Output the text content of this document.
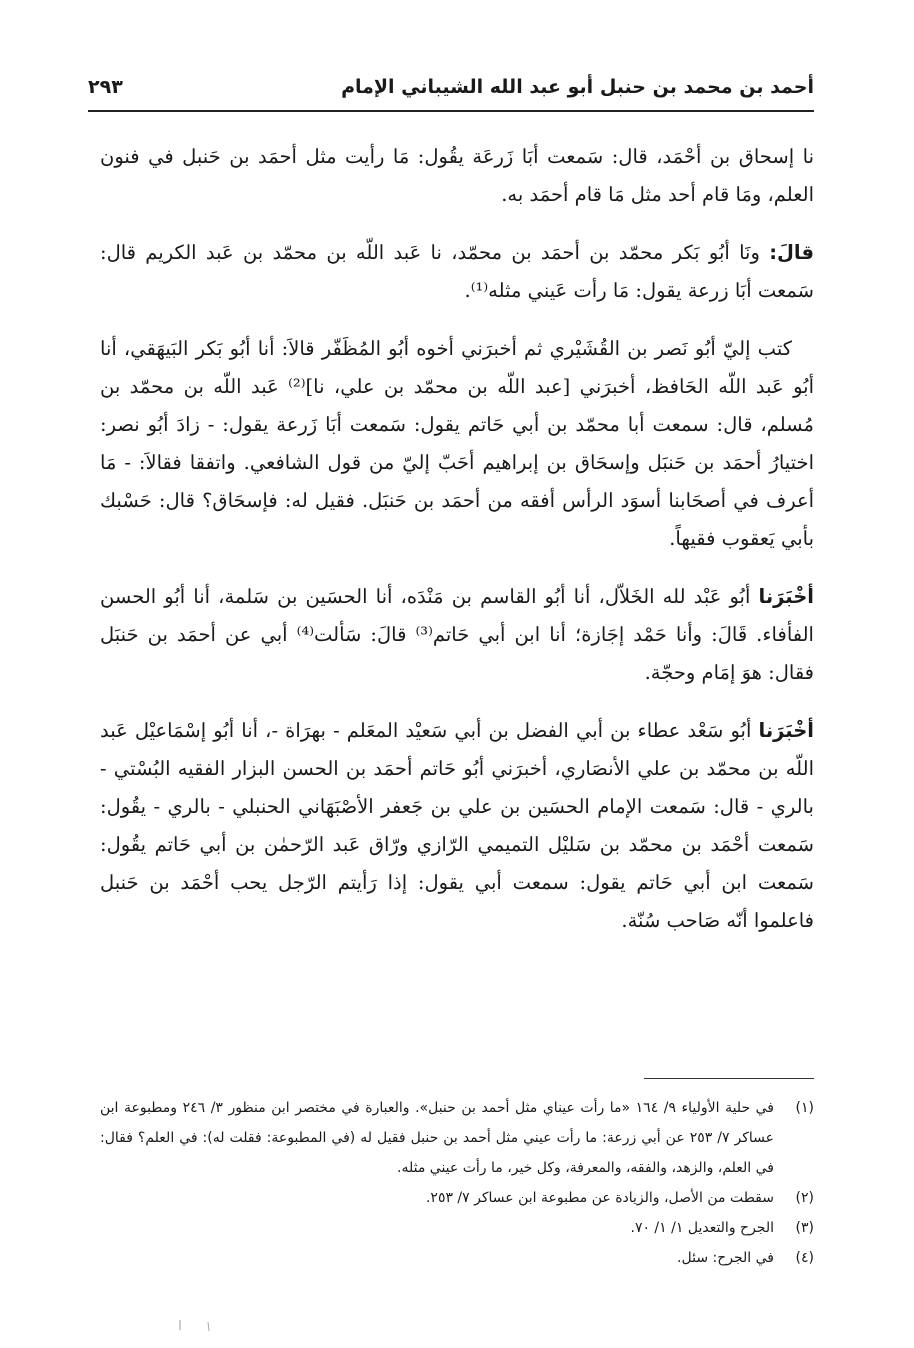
أحمد بن محمد بن حنبل أبو عبد الله الشيباني الإمام
٢٩٣

نا إسحاق بن أحْمَد، قال: سَمعت أبَا زَرعَة يقُول: مَا رأيت مثل أحمَد بن حَنبل في فنون العلم، ومَا قام أحد مثل مَا قام أحمَد به.

قالَ: ونَا أبُو بَكر محمّد بن أحمَد بن محمّد، نا عَبد اللّه بن محمّد بن عَبد الكريم قال: سَمعت أبَا زرعة يقول: مَا رأت عَيني مثله⁽¹⁾.

كتب إليّ أبُو نَصر بن القُشَيْري ثم أخبرَني أخوه أبُو المُظَفّر قالاَ: أنا أبُو بَكر البَيهَقي، أنا أبُو عَبد اللّه الحَافظ، أخبرَني [عبد اللّه بن محمّد بن علي، نا]⁽²⁾ عَبد اللّه بن محمّد بن مُسلم، قال: سمعت أبا محمّد بن أبي حَاتم يقول: سَمعت أبَا زَرعة يقول: - زادَ أبُو نصر: اختيارُ أحمَد بن حَنبَل وإسحَاق بن إبراهيم أحَبّ إليّ من قول الشافعي. واتفقا فقالاَ: - مَا أعرف في أصحَابنا أسوَد الرأس أفقه من أحمَد بن حَنبَل. فقيل له: فإسحَاق؟ قال: حَسْبك بأبي يَعقوب فقيهاً.

أخْبَرَنا أبُو عَبْد لله الخَلاّل، أنا أبُو القاسم بن مَنْدَه، أنا الحسَين بن سَلمة، أنا أبُو الحسن الفأفاء. قَالَ: وأنا حَمْد إجَازة؛ أنا ابن أبي حَاتم⁽³⁾ قالَ: سَألت⁽⁴⁾ أبي عن أحمَد بن حَنبَل فقال: هوَ إمَام وحجّة.

أخْبَرَنا أبُو سَعْد عطاء بن أبي الفضل بن أبي سَعيْد المعَلم - بهرَاة -، أنا أبُو إسْمَاعيْل عَبد اللّه بن محمّد بن علي الأنصَاري، أخبرَني أبُو حَاتم أحمَد بن الحسن البزار الفقيه البُسْتي - بالري - قال: سَمعت الإمام الحسَين بن علي بن جَعفر الأصْبَهَاني الحنبلي - بالري - يقُول: سَمعت أحْمَد بن محمّد بن سَليْل التميمي الرّازي ورّاق عَبد الرّحمٰن بن أبي حَاتم يقُول: سَمعت ابن أبي حَاتم يقول: سمعت أبي يقول: إذا رَأيتم الرّجل يحب أحْمَد بن حَنبل فاعلموا أنّه صَاحب سُنّة.

(١)
في حلية الأولياء ٩/ ١٦٤ «ما رأت عيناي مثل أحمد بن حنبل». والعبارة في مختصر ابن منظور ٣/ ٢٤٦ ومطبوعة ابن عساكر ٧/ ٢٥٣ عن أبي زرعة: ما رأت عيني مثل أحمد بن حنبل فقيل له (في المطبوعة: فقلت له): في العلم؟ فقال: في العلم، والزهد، والفقه، والمعرفة، وكل خير، ما رأت عيني مثله.
(٢)
سقطت من الأصل، والزيادة عن مطبوعة ابن عساكر ٧/ ٢٥٣.
(٣)
الجرح والتعديل ١/ ١/ ٧٠.
(٤)
في الجرح: سئل.
